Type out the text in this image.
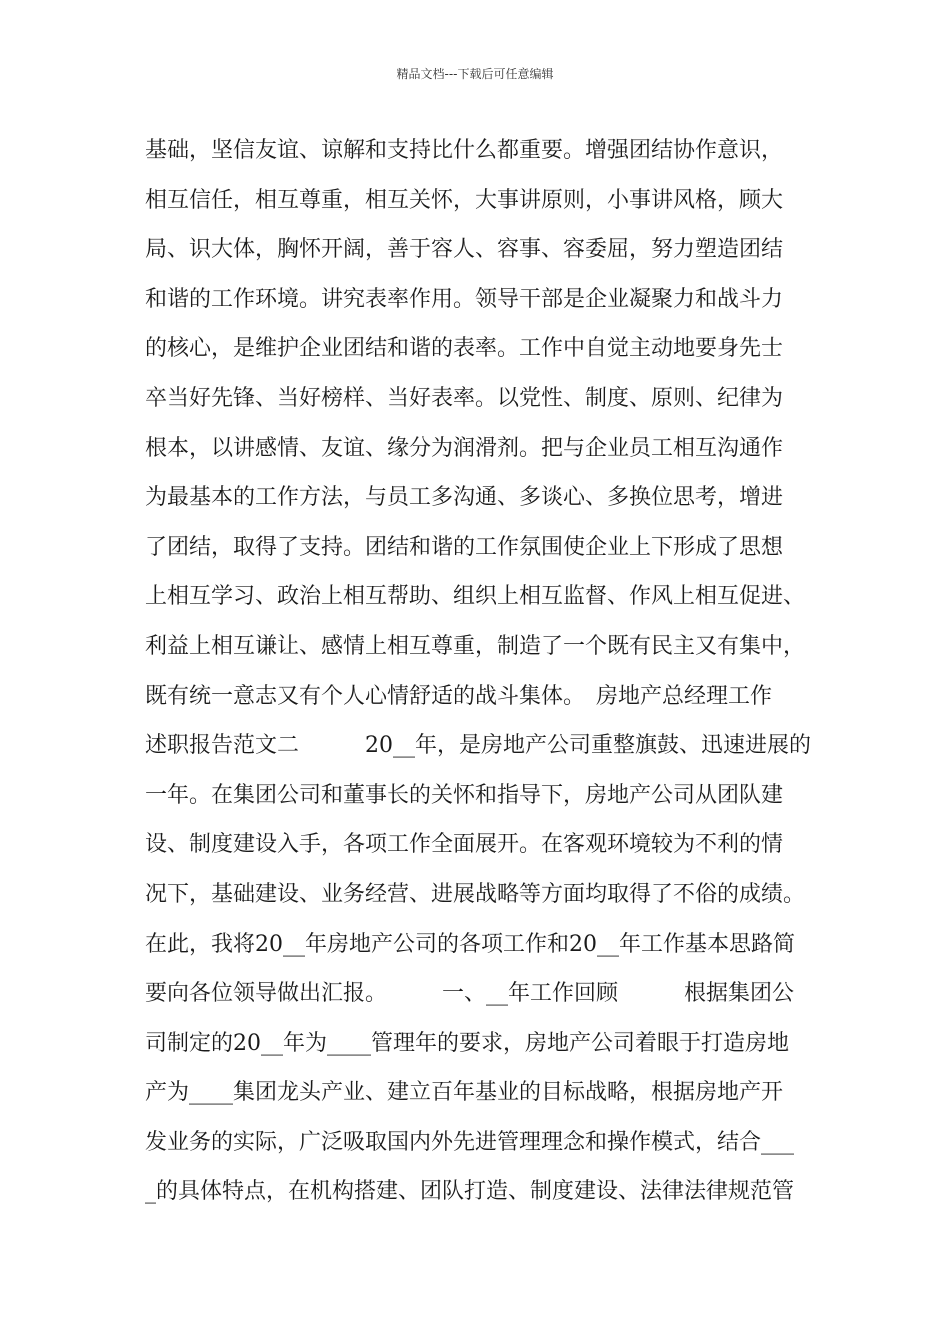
精品文档---下载后可任意编辑
基础，坚信友谊、谅解和支持比什么都重要。增强团结协作意识，
相互信任，相互尊重，相互关怀，大事讲原则，小事讲风格，顾大
局、识大体，胸怀开阔，善于容人、容事、容委屈，努力塑造团结
和谐的工作环境。讲究表率作用。领导干部是企业凝聚力和战斗力
的核心，是维护企业团结和谐的表率。工作中自觉主动地要身先士
卒当好先锋、当好榜样、当好表率。以党性、制度、原则、纪律为
根本，以讲感情、友谊、缘分为润滑剂。把与企业员工相互沟通作
为最基本的工作方法，与员工多沟通、多谈心、多换位思考，增进
了团结，取得了支持。团结和谐的工作氛围使企业上下形成了思想
上相互学习、政治上相互帮助、组织上相互监督、作风上相互促进、
利益上相互谦让、感情上相互尊重，制造了一个既有民主又有集中，
既有统一意志又有个人心情舒适的战斗集体。　房地产总经理工作
述职报告范文二　　　20__年，是房地产公司重整旗鼓、迅速进展的
一年。在集团公司和董事长的关怀和指导下，房地产公司从团队建
设、制度建设入手，各项工作全面展开。在客观环境较为不利的情
况下，基础建设、业务经营、进展战略等方面均取得了不俗的成绩。
在此，我将20__年房地产公司的各项工作和20__年工作基本思路简
要向各位领导做出汇报。　　　一、__年工作回顾　　　根据集团公
司制定的20__年为____管理年的要求，房地产公司着眼于打造房地
产为____集团龙头产业、建立百年基业的目标战略，根据房地产开
发业务的实际，广泛吸取国内外先进管理理念和操作模式，结合___
_的具体特点，在机构搭建、团队打造、制度建设、法律法律规范管
